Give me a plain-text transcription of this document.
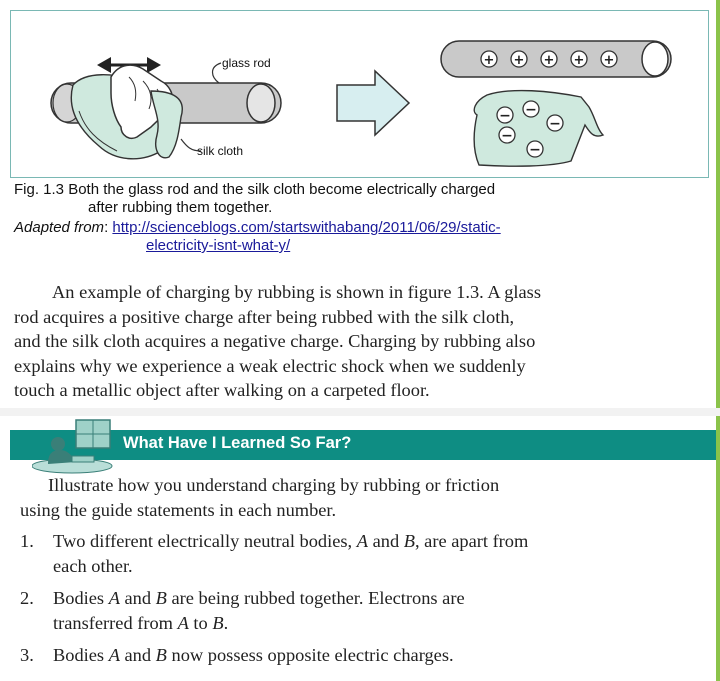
glass rod
silk cloth
+ + + + +
− −
−
−
−
Fig. 1.3 Both the glass rod and the silk cloth become electrically charged
after rubbing them together.
Adapted from: http://scienceblogs.com/startswithabang/2011/06/29/static-
electricity-isnt-what-y/
An example of charging by rubbing is shown in figure 1.3. A glass
rod acquires a positive charge after being rubbed with the silk cloth,
and the silk cloth acquires a negative charge. Charging by rubbing also
explains why we experience a weak electric shock when we suddenly
touch a metallic object after walking on a carpeted floor.
What Have I Learned So Far?
Illustrate how you understand charging by rubbing or friction
using the guide statements in each number.
1. Two different electrically neutral bodies, A and B, are apart from
each other.
2. Bodies A and B are being rubbed together. Electrons are
transferred from A to B.
3. Bodies A and B now possess opposite electric charges.
